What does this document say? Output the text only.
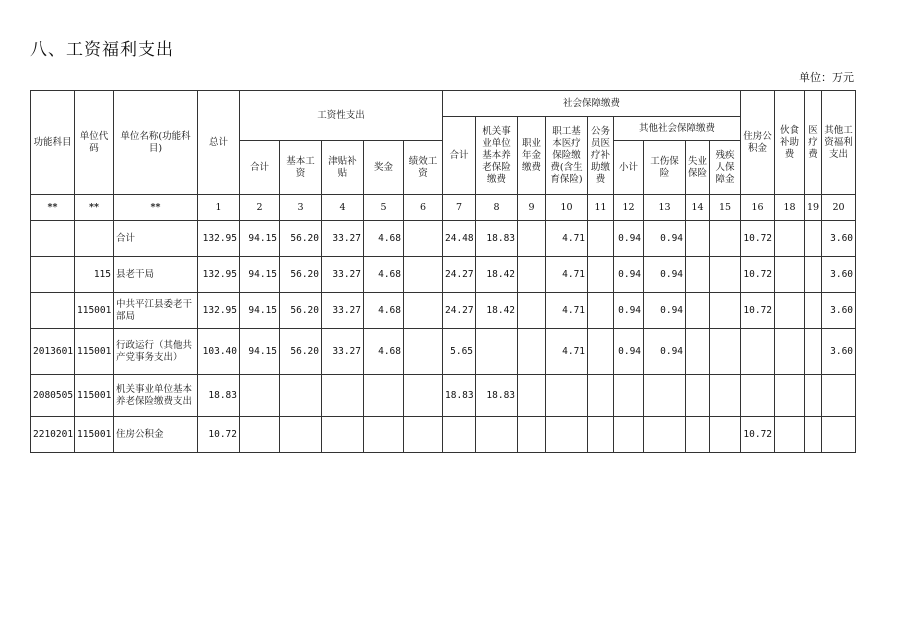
八、工资福利支出
单位：万元
功能科目	单位代码	单位名称(功能科目)	总计	工资性支出					社会保障缴费									住房公积金	伙食补助费	医疗费	其他工资福利支出
									合计	机关事业单位基本养老保险缴费	职业年金缴费	职工基本医疗保险缴费(含生育保险)	公务员医疗补助缴费	其他社会保障缴费							
				合计	基本工资	津贴补贴	奖金	绩效工资						小计	工伤保险	失业保险	残疾人保障金				
**	**	**	1	2	3	4	5	6	7	8	9	10	11	12	13	14	15	16	18	19	20
		合计	132.95	94.15	56.20	33.27	4.68		24.48	18.83		4.71		0.94	0.94			10.72			3.60
	115	县老干局	132.95	94.15	56.20	33.27	4.68		24.27	18.42		4.71		0.94	0.94			10.72			3.60
	115001	中共平江县委老干部局	132.95	94.15	56.20	33.27	4.68		24.27	18.42		4.71		0.94	0.94			10.72			3.60
2013601	115001	行政运行（其他共产党事务支出）	103.40	94.15	56.20	33.27	4.68		5.65			4.71		0.94	0.94						3.60
2080505	115001	机关事业单位基本养老保险缴费支出	18.83						18.83	18.83											
2210201	115001	住房公积金	10.72															10.72			
